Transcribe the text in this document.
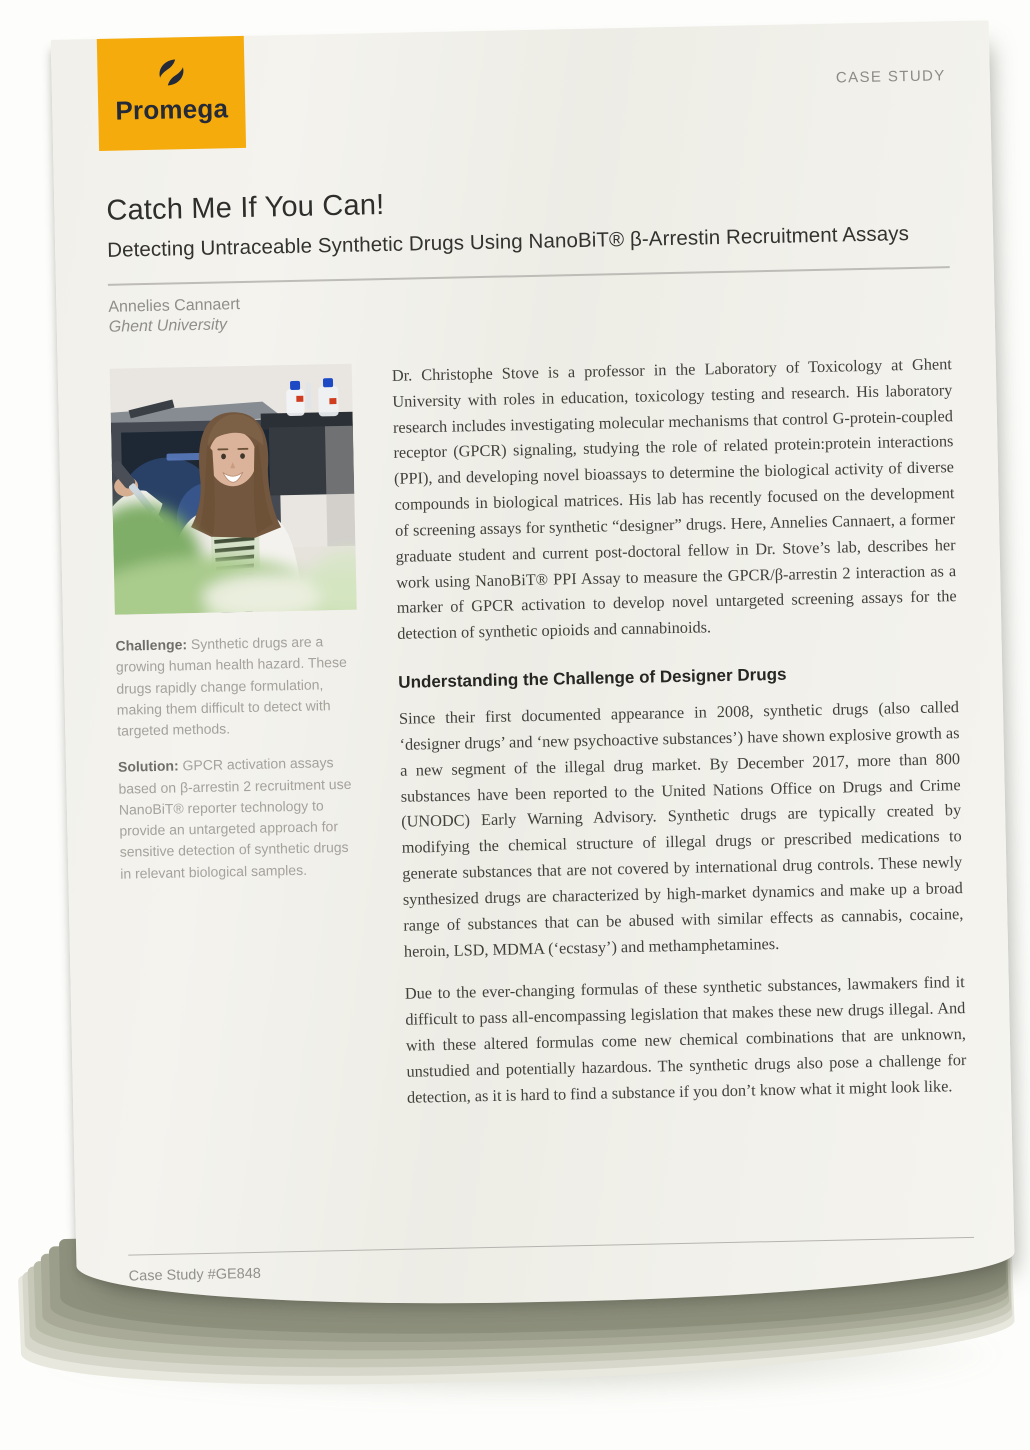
Promega
CASE STUDY
Catch Me If You Can!
Detecting Untraceable Synthetic Drugs Using NanoBiT® β-Arrestin Recruitment Assays
Annelies Cannaert
Ghent University

Challenge: Synthetic drugs are a growing human health hazard. These drugs rapidly change formulation, making them difficult to detect with targeted methods.

Solution: GPCR activation assays based on β-arrestin 2 recruitment use NanoBiT® reporter technology to provide an untargeted approach for sensitive detection of synthetic drugs in relevant biological samples.

Dr. Christophe Stove is a professor in the Laboratory of Toxicology at Ghent University with roles in education, toxicology testing and research. His laboratory research includes investigating molecular mechanisms that control G-protein-coupled receptor (GPCR) signaling, studying the role of related protein:protein interactions (PPI), and developing novel bioassays to determine the biological activity of diverse compounds in biological matrices. His lab has recently focused on the development of screening assays for synthetic “designer” drugs. Here, Annelies Cannaert, a former graduate student and current post-doctoral fellow in Dr. Stove’s lab, describes her work using NanoBiT® PPI Assay to measure the GPCR/β-arrestin 2 interaction as a marker of GPCR activation to develop novel untargeted screening assays for the detection of synthetic opioids and cannabinoids.

Understanding the Challenge of Designer Drugs

Since their first documented appearance in 2008, synthetic drugs (also called ‘designer drugs’ and ‘new psychoactive substances’) have shown explosive growth as a new segment of the illegal drug market. By December 2017, more than 800 substances have been reported to the United Nations Office on Drugs and Crime (UNODC) Early Warning Advisory. Synthetic drugs are typically created by modifying the chemical structure of illegal drugs or prescribed medications to generate substances that are not covered by international drug controls. These newly synthesized drugs are characterized by high-market dynamics and make up a broad range of substances that can be abused with similar effects as cannabis, cocaine, heroin, LSD, MDMA (‘ecstasy’) and methamphetamines.

Due to the ever-changing formulas of these synthetic substances, lawmakers find it difficult to pass all-encompassing legislation that makes these new drugs illegal. And with these altered formulas come new chemical combinations that are unknown, unstudied and potentially hazardous. The synthetic drugs also pose a challenge for detection, as it is hard to find a substance if you don’t know what it might look like.

Case Study #GE848
